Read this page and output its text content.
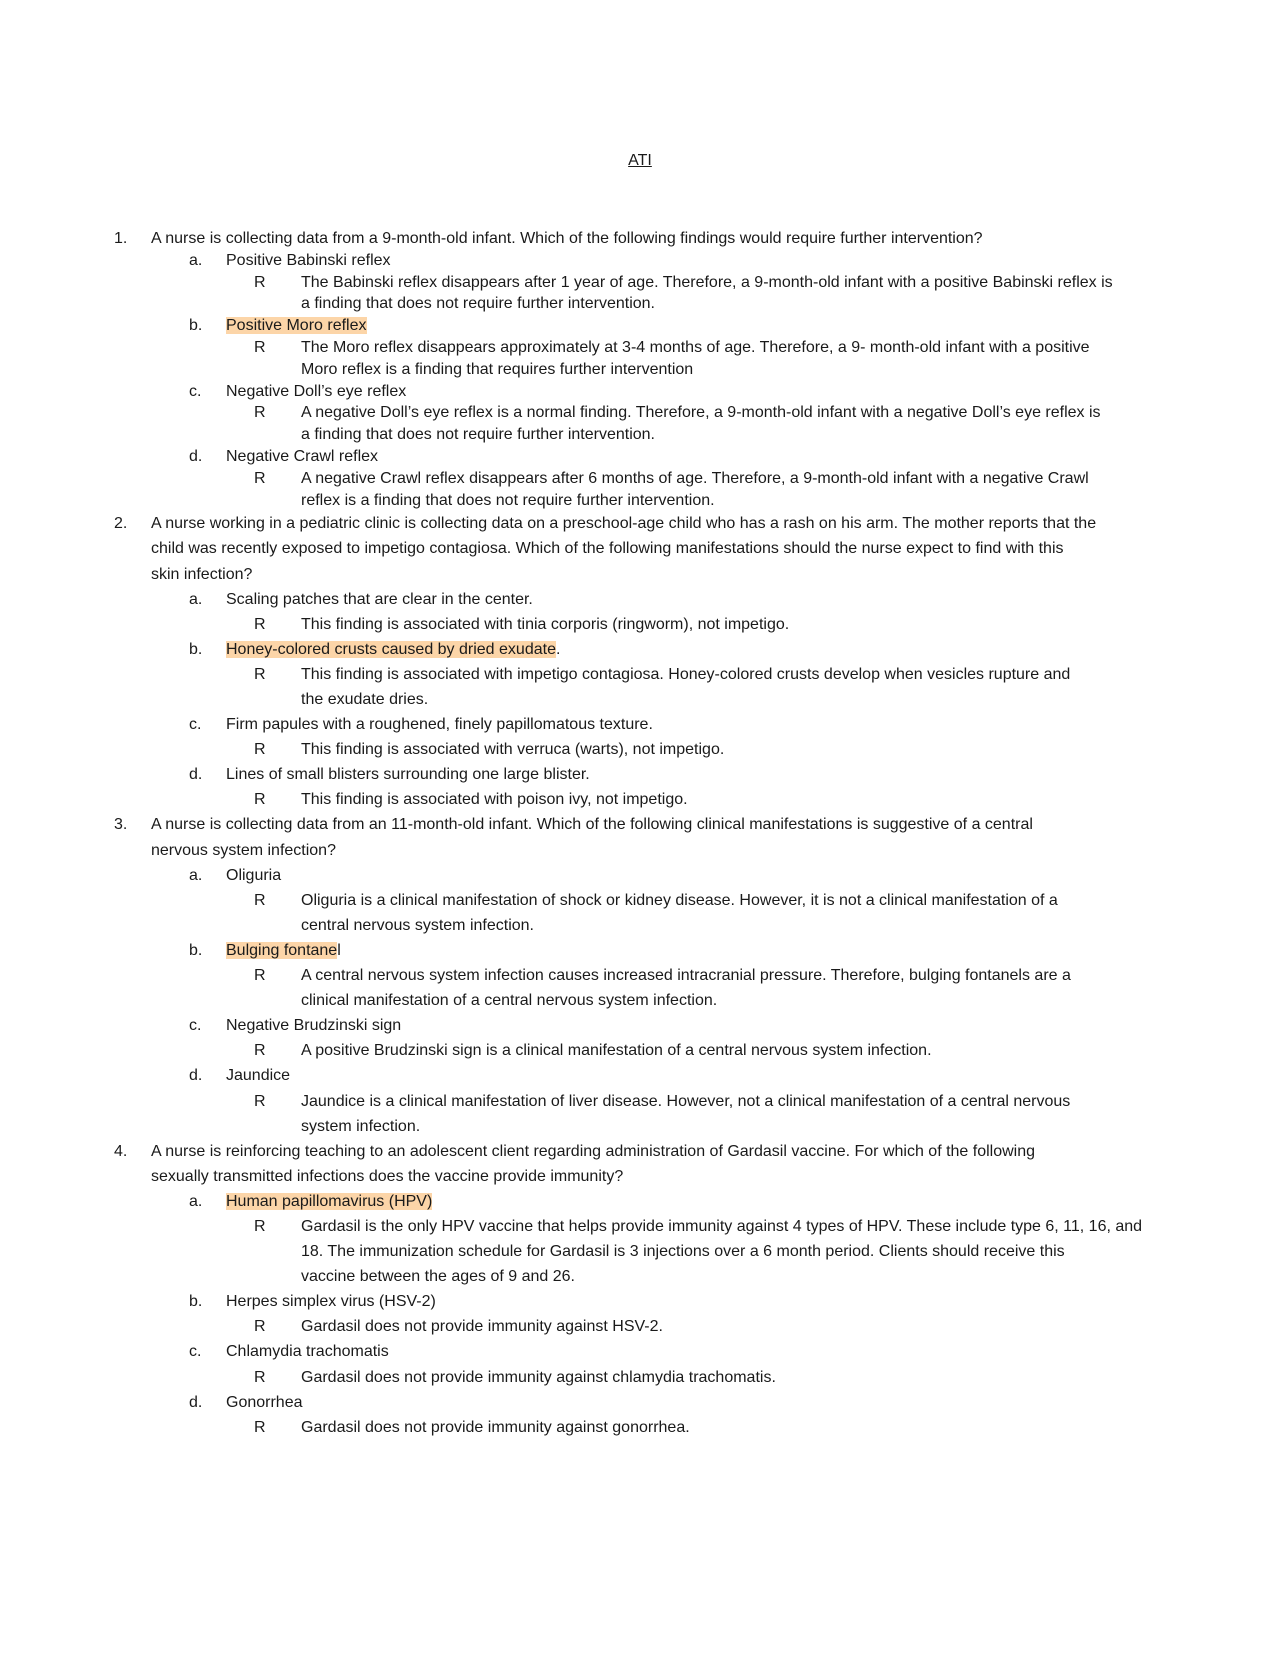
ATI
1. A nurse is collecting data from a 9-month-old infant. Which of the following findings would require further intervention?
a. Positive Babinski reflex
R The Babinski reflex disappears after 1 year of age. Therefore, a 9-month-old infant with a positive Babinski reflex is
a finding that does not require further intervention.
b. Positive Moro reflex
R The Moro reflex disappears approximately at 3-4 months of age. Therefore, a 9- month-old infant with a positive
Moro reflex is a finding that requires further intervention
c. Negative Doll’s eye reflex
R A negative Doll’s eye reflex is a normal finding. Therefore, a 9-month-old infant with a negative Doll’s eye reflex is
a finding that does not require further intervention.
d. Negative Crawl reflex
R A negative Crawl reflex disappears after 6 months of age. Therefore, a 9-month-old infant with a negative Crawl
reflex is a finding that does not require further intervention.
2. A nurse working in a pediatric clinic is collecting data on a preschool-age child who has a rash on his arm. The mother reports that the
child was recently exposed to impetigo contagiosa. Which of the following manifestations should the nurse expect to find with this
skin infection?
a. Scaling patches that are clear in the center.
R This finding is associated with tinia corporis (ringworm), not impetigo.
b. Honey-colored crusts caused by dried exudate.
R This finding is associated with impetigo contagiosa. Honey-colored crusts develop when vesicles rupture and
the exudate dries.
c. Firm papules with a roughened, finely papillomatous texture.
R This finding is associated with verruca (warts), not impetigo.
d. Lines of small blisters surrounding one large blister.
R This finding is associated with poison ivy, not impetigo.
3. A nurse is collecting data from an 11-month-old infant. Which of the following clinical manifestations is suggestive of a central
nervous system infection?
a. Oliguria
R Oliguria is a clinical manifestation of shock or kidney disease. However, it is not a clinical manifestation of a
central nervous system infection.
b. Bulging fontanel
R A central nervous system infection causes increased intracranial pressure. Therefore, bulging fontanels are a
clinical manifestation of a central nervous system infection.
c. Negative Brudzinski sign
R A positive Brudzinski sign is a clinical manifestation of a central nervous system infection.
d. Jaundice
R Jaundice is a clinical manifestation of liver disease. However, not a clinical manifestation of a central nervous
system infection.
4. A nurse is reinforcing teaching to an adolescent client regarding administration of Gardasil vaccine. For which of the following
sexually transmitted infections does the vaccine provide immunity?
a. Human papillomavirus (HPV)
R Gardasil is the only HPV vaccine that helps provide immunity against 4 types of HPV. These include type 6, 11, 16, and
18. The immunization schedule for Gardasil is 3 injections over a 6 month period. Clients should receive this
vaccine between the ages of 9 and 26.
b. Herpes simplex virus (HSV-2)
R Gardasil does not provide immunity against HSV-2.
c. Chlamydia trachomatis
R Gardasil does not provide immunity against chlamydia trachomatis.
d. Gonorrhea
R Gardasil does not provide immunity against gonorrhea.
